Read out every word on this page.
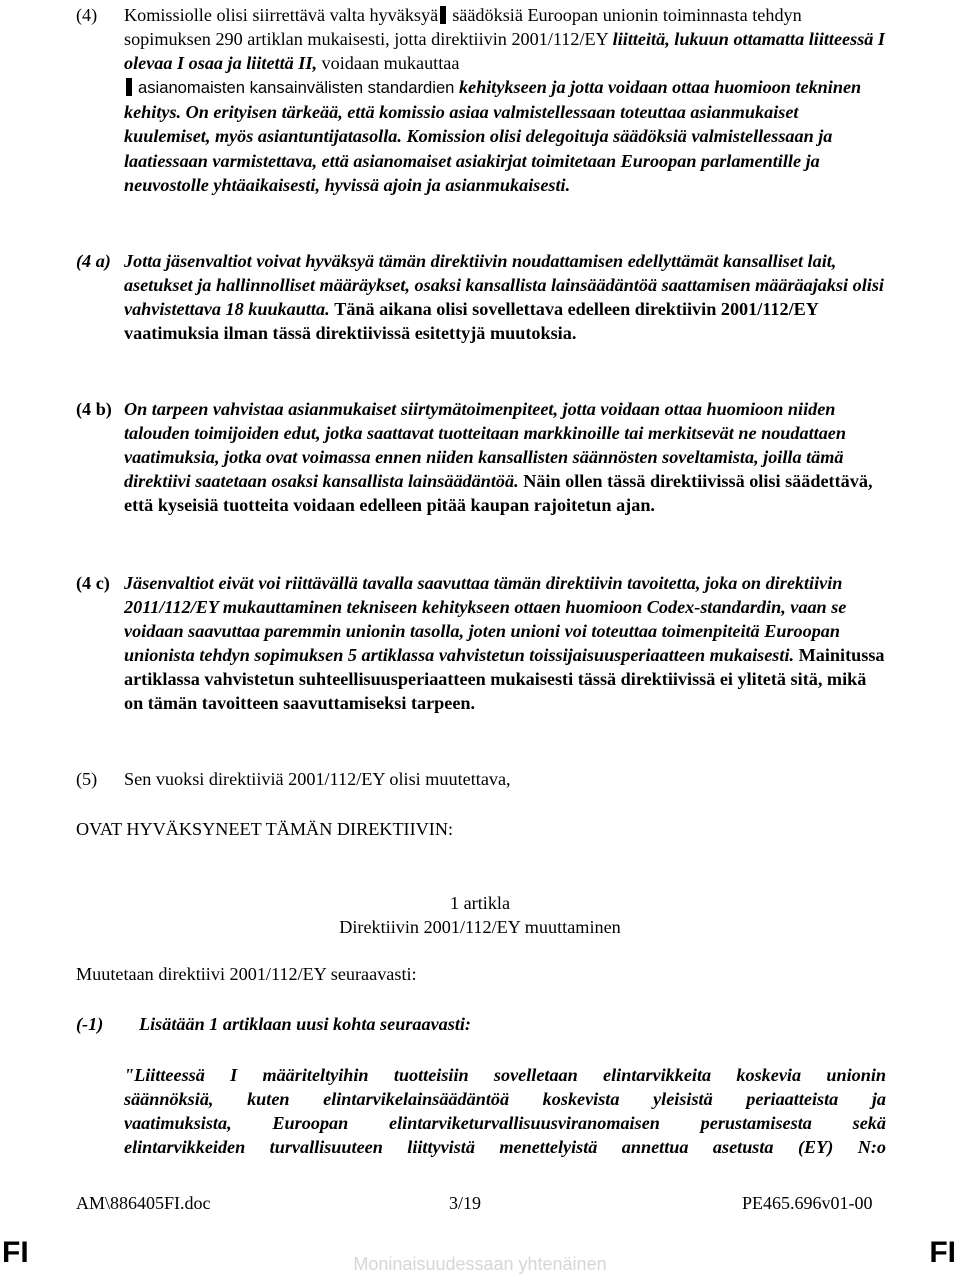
(4) Komissiolle olisi siirrettävä valta hyväksyä säädöksiä Euroopan unionin toiminnasta tehdyn sopimuksen 290 artiklan mukaisesti, jotta direktiivin 2001/112/EY liitteitä, lukuun ottamatta liitteessä I olevaa I osaa ja liitettä II, voidaan mukauttaa
asianomaisten kansainvälisten standardien kehitykseen ja jotta voidaan ottaa huomioon tekninen kehitys. On erityisen tärkeää, että komissio asiaa valmistellessaan toteuttaa asianmukaiset kuulemiset, myös asiantuntijatasolla. Komission olisi delegoituja säädöksiä valmistellessaan ja laatiessaan varmistettava, että asianomaiset asiakirjat toimitetaan Euroopan parlamentille ja neuvostolle yhtäaikaisesti, hyvissä ajoin ja asianmukaisesti.
(4 a) Jotta jäsenvaltiot voivat hyväksyä tämän direktiivin noudattamisen edellyttämät kansalliset lait, asetukset ja hallinnolliset määräykset, osaksi kansallista lainsäädäntöä saattamisen määräajaksi olisi vahvistettava 18 kuukautta. Tänä aikana olisi sovellettava edelleen direktiivin 2001/112/EY vaatimuksia ilman tässä direktiivissä esitettyjä muutoksia.
(4 b) On tarpeen vahvistaa asianmukaiset siirtymätoimenpiteet, jotta voidaan ottaa huomioon niiden talouden toimijoiden edut, jotka saattavat tuotteitaan markkinoille tai merkitsevät ne noudattaen vaatimuksia, jotka ovat voimassa ennen niiden kansallisten säännösten soveltamista, joilla tämä direktiivi saatetaan osaksi kansallista lainsäädäntöä. Näin ollen tässä direktiivissä olisi säädettävä, että kyseisiä tuotteita voidaan edelleen pitää kaupan rajoitetun ajan.
(4 c) Jäsenvaltiot eivät voi riittävällä tavalla saavuttaa tämän direktiivin tavoitetta, joka on direktiivin 2011/112/EY mukauttaminen tekniseen kehitykseen ottaen huomioon Codex-standardin, vaan se voidaan saavuttaa paremmin unionin tasolla, joten unioni voi toteuttaa toimenpiteitä Euroopan unionista tehdyn sopimuksen 5 artiklassa vahvistetun toissijaisuusperiaatteen mukaisesti. Mainitussa artiklassa vahvistetun suhteellisuusperiaatteen mukaisesti tässä direktiivissä ei ylitetä sitä, mikä on tämän tavoitteen saavuttamiseksi tarpeen.
(5) Sen vuoksi direktiiviä 2001/112/EY olisi muutettava,
OVAT HYVÄKSYNEET TÄMÄN DIREKTIIVIN:
1 artikla
Direktiivin 2001/112/EY muuttaminen
Muutetaan direktiivi 2001/112/EY seuraavasti:
(-1) Lisätään 1 artiklaan uusi kohta seuraavasti:
"Liitteessä I määriteltyihin tuotteisiin sovelletaan elintarvikkeita koskevia unionin
säännöksiä, kuten elintarvikelainsäädäntöä koskevista yleisistä periaatteista ja
vaatimuksista, Euroopan elintarviketurvallisuusviranomaisen perustamisesta sekä
elintarvikkeiden turvallisuuteen liittyvistä menettelyistä annettua asetusta (EY) N:o
AM\886405FI.doc	3/19	PE465.696v01-00
FI	FI
Moninaisuudessaan yhtenäinen
